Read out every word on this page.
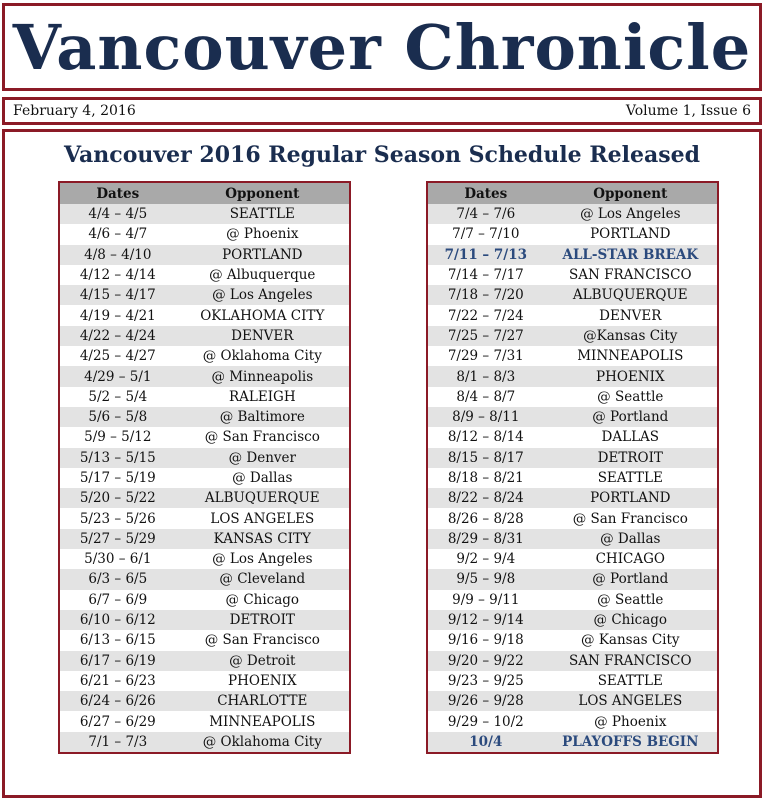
Vancouver Chronicle
February 4, 2016	Volume 1, Issue 6
Vancouver 2016 Regular Season Schedule Released
Dates	Opponent
4/4 – 4/5	SEATTLE
4/6 – 4/7	@ Phoenix
4/8 – 4/10	PORTLAND
4/12 – 4/14	@ Albuquerque
4/15 – 4/17	@ Los Angeles
4/19 – 4/21	OKLAHOMA CITY
4/22 – 4/24	DENVER
4/25 – 4/27	@ Oklahoma City
4/29 – 5/1	@ Minneapolis
5/2 – 5/4	RALEIGH
5/6 – 5/8	@ Baltimore
5/9 – 5/12	@ San Francisco
5/13 – 5/15	@ Denver
5/17 – 5/19	@ Dallas
5/20 – 5/22	ALBUQUERQUE
5/23 – 5/26	LOS ANGELES
5/27 – 5/29	KANSAS CITY
5/30 – 6/1	@ Los Angeles
6/3 – 6/5	@ Cleveland
6/7 – 6/9	@ Chicago
6/10 – 6/12	DETROIT
6/13 – 6/15	@ San Francisco
6/17 – 6/19	@ Detroit
6/21 – 6/23	PHOENIX
6/24 – 6/26	CHARLOTTE
6/27 – 6/29	MINNEAPOLIS
7/1 – 7/3	@ Oklahoma City
Dates	Opponent
7/4 – 7/6	@ Los Angeles
7/7 – 7/10	PORTLAND
7/11 – 7/13	ALL-STAR BREAK
7/14 – 7/17	SAN FRANCISCO
7/18 – 7/20	ALBUQUERQUE
7/22 – 7/24	DENVER
7/25 – 7/27	@Kansas City
7/29 – 7/31	MINNEAPOLIS
8/1 – 8/3	PHOENIX
8/4 – 8/7	@ Seattle
8/9 – 8/11	@ Portland
8/12 – 8/14	DALLAS
8/15 – 8/17	DETROIT
8/18 – 8/21	SEATTLE
8/22 – 8/24	PORTLAND
8/26 – 8/28	@ San Francisco
8/29 – 8/31	@ Dallas
9/2 – 9/4	CHICAGO
9/5 – 9/8	@ Portland
9/9 – 9/11	@ Seattle
9/12 – 9/14	@ Chicago
9/16 – 9/18	@ Kansas City
9/20 – 9/22	SAN FRANCISCO
9/23 – 9/25	SEATTLE
9/26 – 9/28	LOS ANGELES
9/29 – 10/2	@ Phoenix
10/4	PLAYOFFS BEGIN
